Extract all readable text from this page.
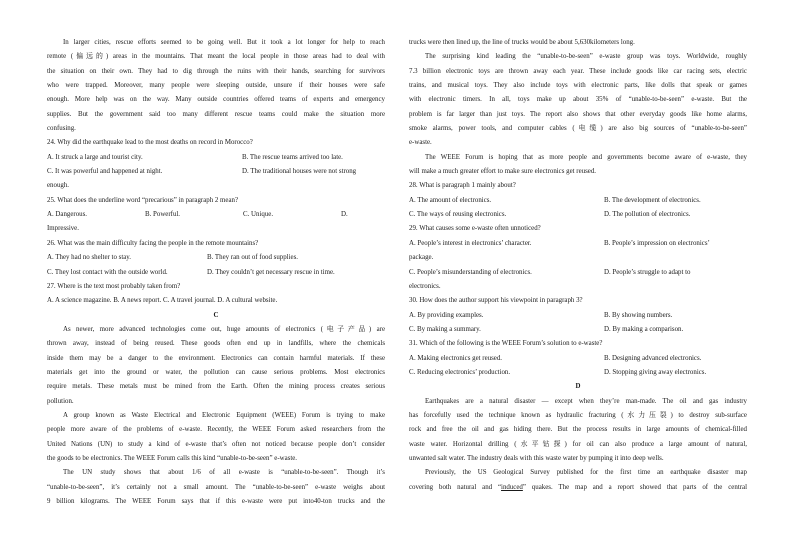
In larger cities, rescue efforts seemed to be going well. But it took a lot longer for help to reach
remote (偏远的) areas in the mountains. That meant the local people in those areas had to deal with
the situation on their own. They had to dig through the ruins with their hands, searching for survivors
who were trapped. Moreover, many people were sleeping outside, unsure if their houses were safe
enough. More help was on the way. Many outside countries offered teams of experts and emergency
supplies. But the government said too many different rescue teams could make the situation more
confusing.
24. Why did the earthquake lead to the most deaths on record in Morocco?
A. It struck a large and tourist city.	B. The rescue teams arrived too late.
C. It was powerful and happened at night.	D. The traditional houses were not strong
enough.
25. What does the underline word “precarious” in paragraph 2 mean?
A. Dangerous.	B. Powerful.	C. Unique.	D.
Impressive.
26. What was the main difficulty facing the people in the remote mountains?
A. They had no shelter to stay.	B. They ran out of food supplies.
C. They lost contact with the outside world.	D. They couldn’t get necessary rescue in time.
27. Where is the text most probably taken from?
A. A science magazine. B. A news report. C. A travel journal. D. A cultural website.
C
As newer, more advanced technologies come out, huge amounts of electronics (电子产品) are
thrown away, instead of being reused. These goods often end up in landfills, where the chemicals
inside them may be a danger to the environment. Electronics can contain harmful materials. If these
materials get into the ground or water, the pollution can cause serious problems. Most electronics
require metals. These metals must be mined from the Earth. Often the mining process creates serious
pollution.
A group known as Waste Electrical and Electronic Equipment (WEEE) Forum is trying to make
people more aware of the problems of e-waste. Recently, the WEEE Forum asked researchers from the
United Nations (UN) to study a kind of e-waste that’s often not noticed because people don’t consider
the goods to be electronics. The WEEE Forum calls this kind “unable-to-be-seen” e-waste.
The UN study shows that about 1/6 of all e-waste is “unable-to-be-seen”. Though it’s
“unable-to-be-seen”, it’s certainly not a small amount. The “unable-to-be-seen” e-waste weighs about
9 billion kilograms. The WEEE Forum says that if this e-waste were put into40-ton trucks and the
trucks were then lined up, the line of trucks would be about 5,630kilometers long.
The surprising kind leading the “unable-to-be-seen” e-waste group was toys. Worldwide, roughly
7.3 billion electronic toys are thrown away each year. These include goods like car racing sets, electric
trains, and musical toys. They also include toys with electronic parts, like dolls that speak or games
with electronic timers. In all, toys make up about 35% of “unable-to-be-seen” e-waste. But the
problem is far larger than just toys. The report also shows that other everyday goods like home alarms,
smoke alarms, power tools, and computer cables (电缆) are also big sources of “unable-to-be-seen”
e-waste.
The WEEE Forum is hoping that as more people and governments become aware of e-waste, they
will make a much greater effort to make sure electronics get reused.
28. What is paragraph 1 mainly about?
A. The amount of electronics.	B. The development of electronics.
C. The ways of reusing electronics.	D. The pollution of electronics.
29. What causes some e-waste often unnoticed?
A. People’s interest in electronics’ character.	B. People’s impression on electronics’
package.
C. People’s misunderstanding of electronics.	D. People’s struggle to adapt to
electronics.
30. How does the author support his viewpoint in paragraph 3?
A. By providing examples.	B. By showing numbers.
C. By making a summary.	D. By making a comparison.
31. Which of the following is the WEEE Forum’s solution to e-waste?
A. Making electronics get reused.	B. Designing advanced electronics.
C. Reducing electronics’ production.	D. Stopping giving away electronics.
D
Earthquakes are a natural disaster — except when they’re man-made. The oil and gas industry
has forcefully used the technique known as hydraulic fracturing (水力压裂) to destroy sub-surface
rock and free the oil and gas hiding there. But the process results in large amounts of chemical-filled
waste water. Horizontal drilling (水平钻探) for oil can also produce a large amount of natural,
unwanted salt water. The industry deals with this waste water by pumping it into deep wells.
Previously, the US Geological Survey published for the first time an earthquake disaster map
covering both natural and “induced” quakes. The map and a report showed that parts of the central
